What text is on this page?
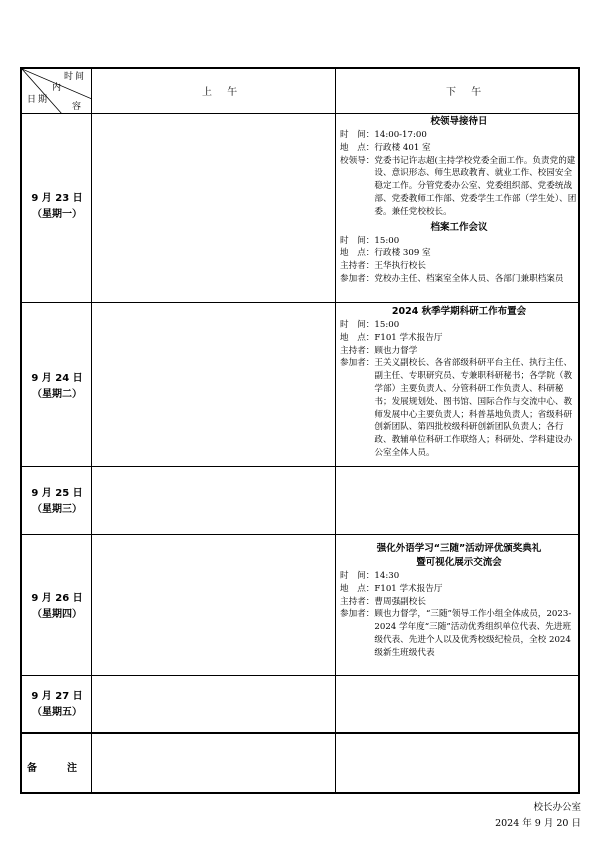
时间
内
日期
容
上 午	下 午
9 月 23 日
（星期一）
9 月 24 日
（星期二）
9 月 25 日
（星期三）
9 月 26 日
（星期四）
9 月 27 日
（星期五）
校领导接待日
时　间： 14:00-17:00
地　点： 行政楼 401 室
校领导： 党委书记许志超(主持学校党委全面工作。负责党的建设、意识形态、师生思政教育、就业工作、校园安全稳定工作。分管党委办公室、党委组织部、党委统战部、党委教师工作部、党委学生工作部（学生处）、团委。兼任党校校长。
档案工作会议
时　间： 15:00
地　点： 行政楼 309 室
主持者： 王华执行校长
参加者： 党校办主任、档案室全体人员、各部门兼职档案员
2024 秋季学期科研工作布置会
时　间： 15:00
地　点： F101 学术报告厅
主持者： 顾也力督学
参加者： 王关义副校长、各省部级科研平台主任、执行主任、副主任、专职研究员、专兼职科研秘书；各学院（教学部）主要负责人、分管科研工作负责人、科研秘书；发展规划处、图书馆、国际合作与交流中心、教师发展中心主要负责人；科普基地负责人；省级科研创新团队、第四批校级科研创新团队负责人；各行政、教辅单位科研工作联络人；科研处、学科建设办公室全体人员。
强化外语学习“三随”活动评优颁奖典礼
暨可视化展示交流会
时　间： 14:30
地　点： F101 学术报告厅
主持者： 曹周强副校长
参加者： 顾也力督学，“三随”领导工作小组全体成员，2023-2024 学年度“三随”活动优秀组织单位代表、先进班级代表、先进个人以及优秀校级纪检员，全校 2024 级新生班级代表
备　注
校长办公室
2024 年 9 月 20 日
